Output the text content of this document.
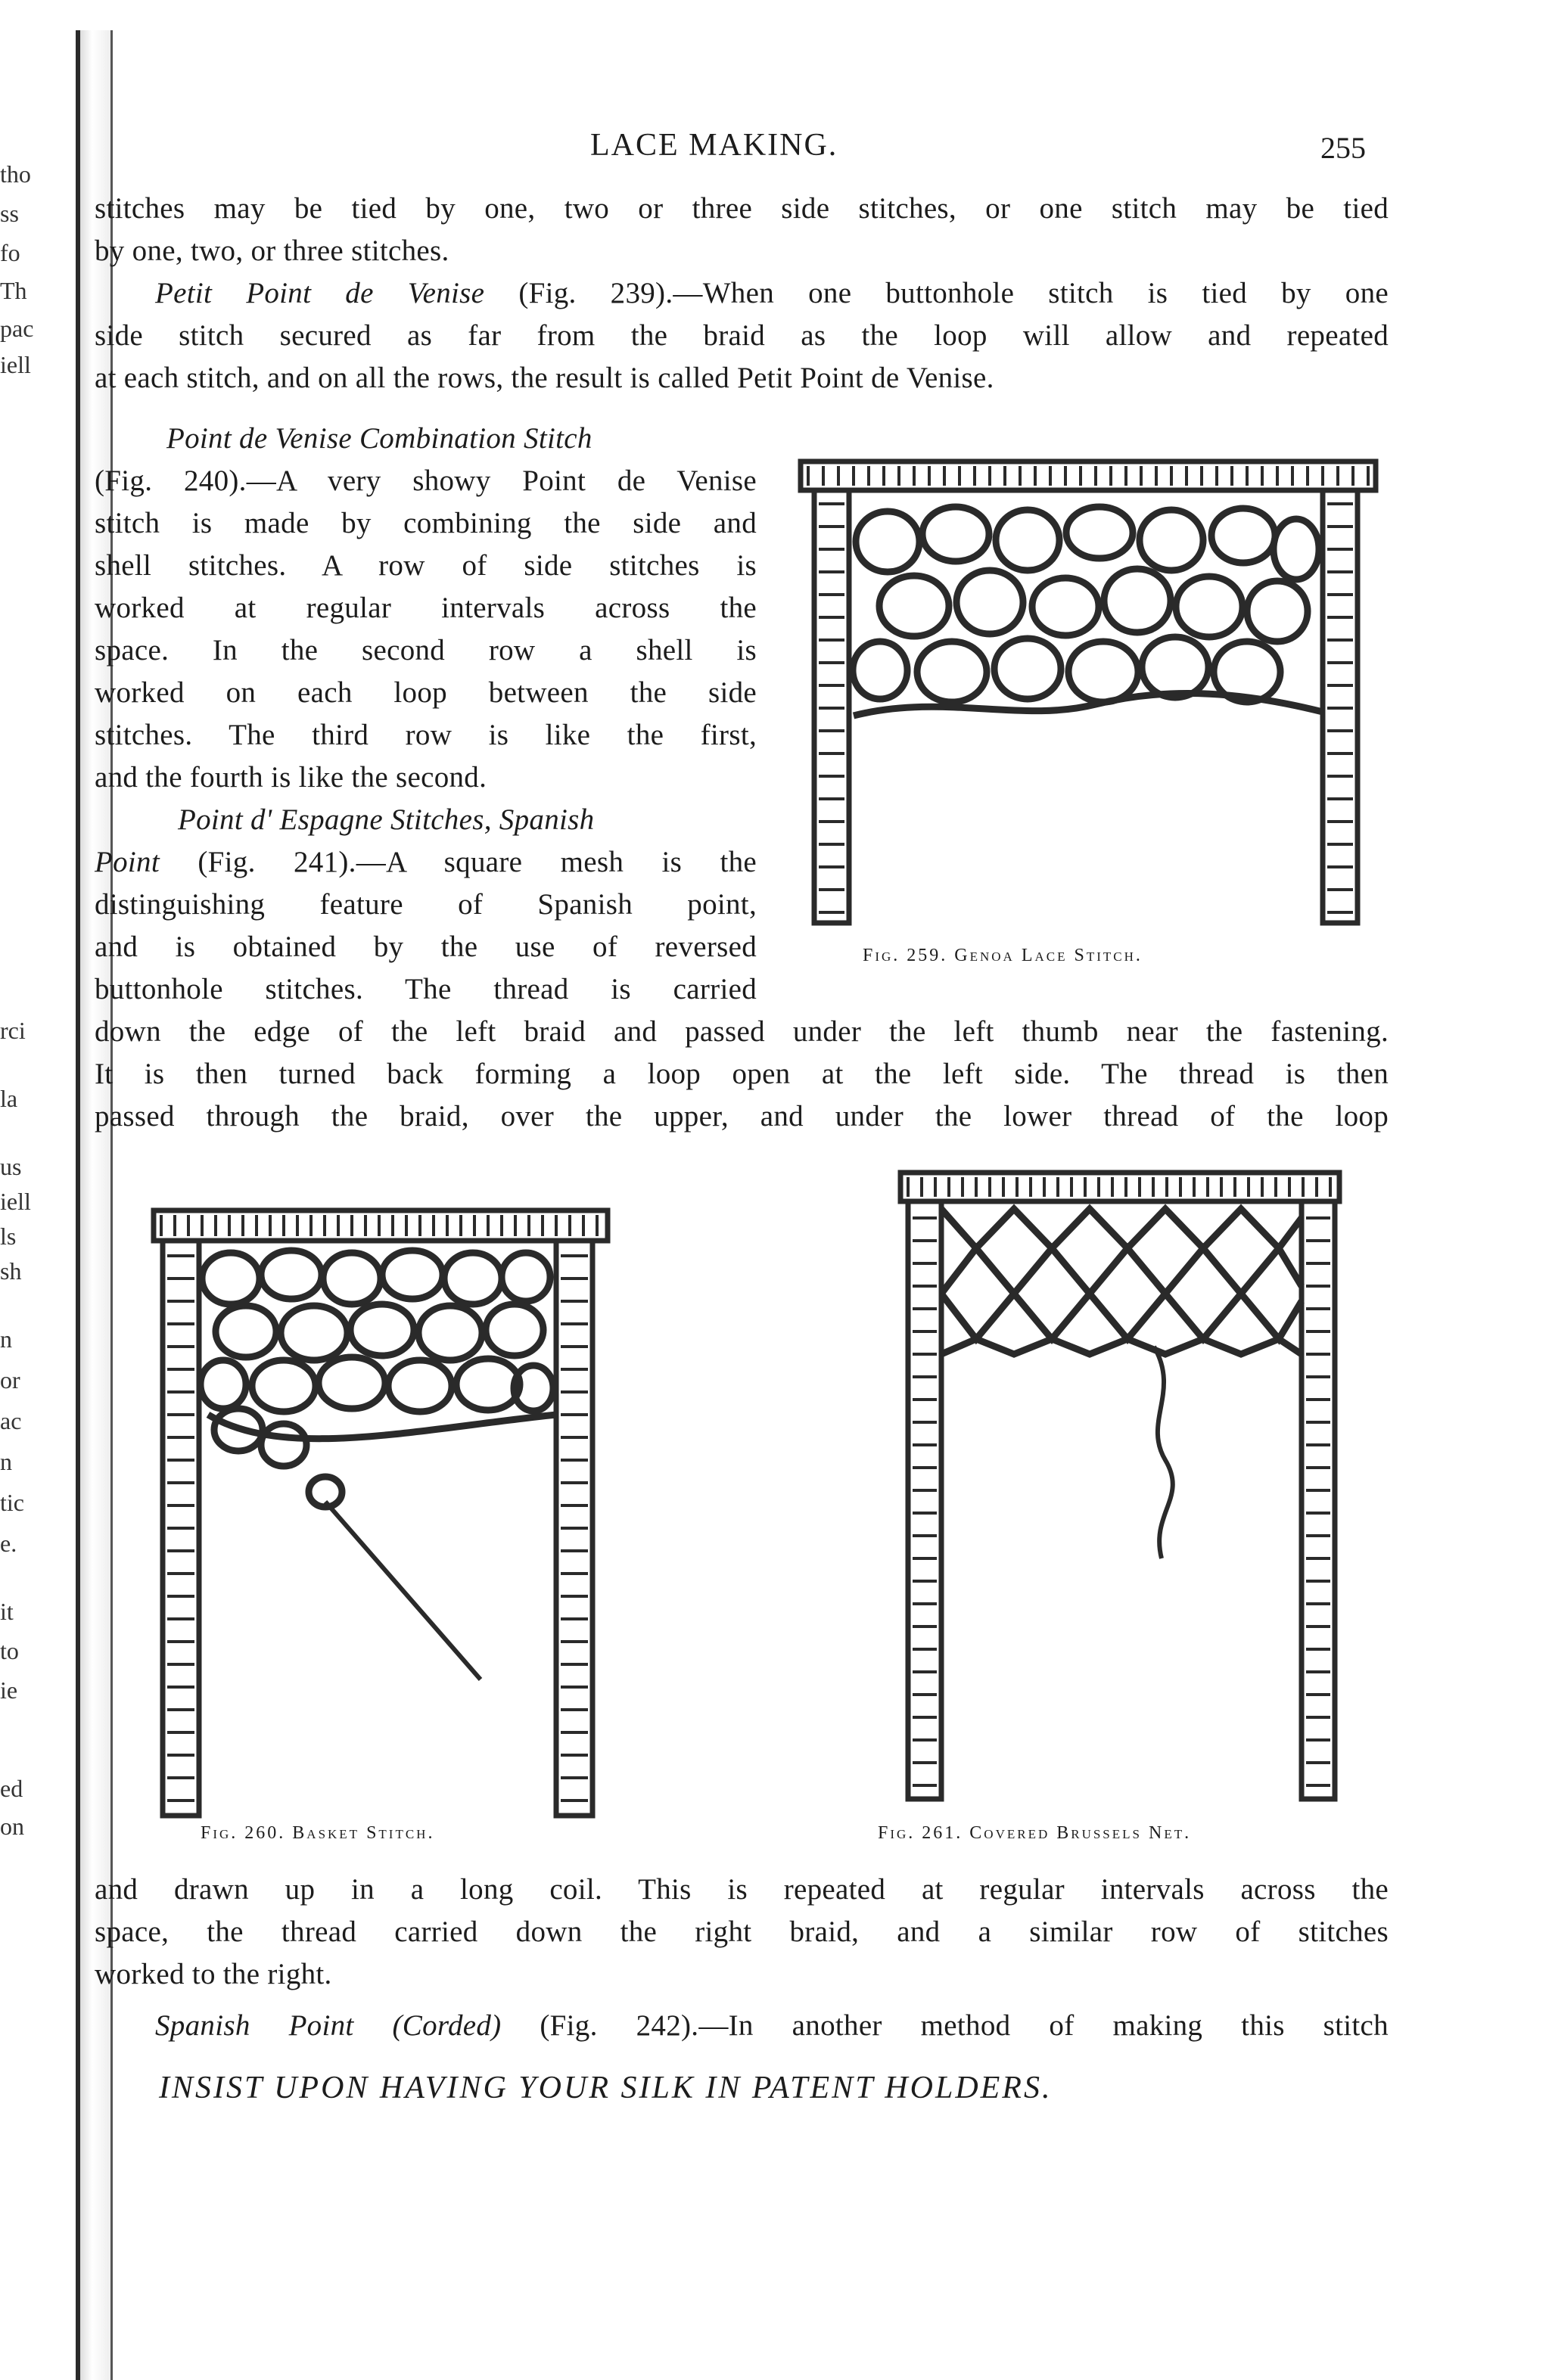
tho
ss
fo
Th
pac
iell
rci
la
us
iell
ls
sh
n
or
ac
n
tic
e.
it
to
ie
ed
on
LACE MAKING.	255
stitches may be tied by one, two or three side stitches, or one stitch may be tied
by one, two, or three stitches.
Petit Point de Venise (Fig. 239).—When one buttonhole stitch is tied by one
side stitch secured as far from the braid as the loop will allow and repeated
at each stitch, and on all the rows, the result is called Petit Point de Venise.
Point de Venise Combination Stitch
(Fig. 240).—A very showy Point de Venise
stitch is made by combining the side and
shell stitches. A row of side stitches is
worked at regular intervals across the
space. In the second row a shell is
worked on each loop between the side
stitches. The third row is like the first,
and the fourth is like the second.
Point d' Espagne Stitches, Spanish
Point (Fig. 241).—A square mesh is the
distinguishing feature of Spanish point,
and is obtained by the use of reversed
buttonhole stitches. The thread is carried
down the edge of the left braid and passed under the left thumb near the fastening.
It is then turned back forming a loop open at the left side. The thread is then
passed through the braid, over the upper, and under the lower thread of the loop
Fig. 259. Genoa Lace Stitch.
Fig. 260. Basket Stitch.	Fig. 261. Covered Brussels Net.
and drawn up in a long coil. This is repeated at regular intervals across the
space, the thread carried down the right braid, and a similar row of stitches
worked to the right.
Spanish Point (Corded) (Fig. 242).—In another method of making this stitch
INSIST UPON HAVING YOUR SILK IN PATENT HOLDERS.
